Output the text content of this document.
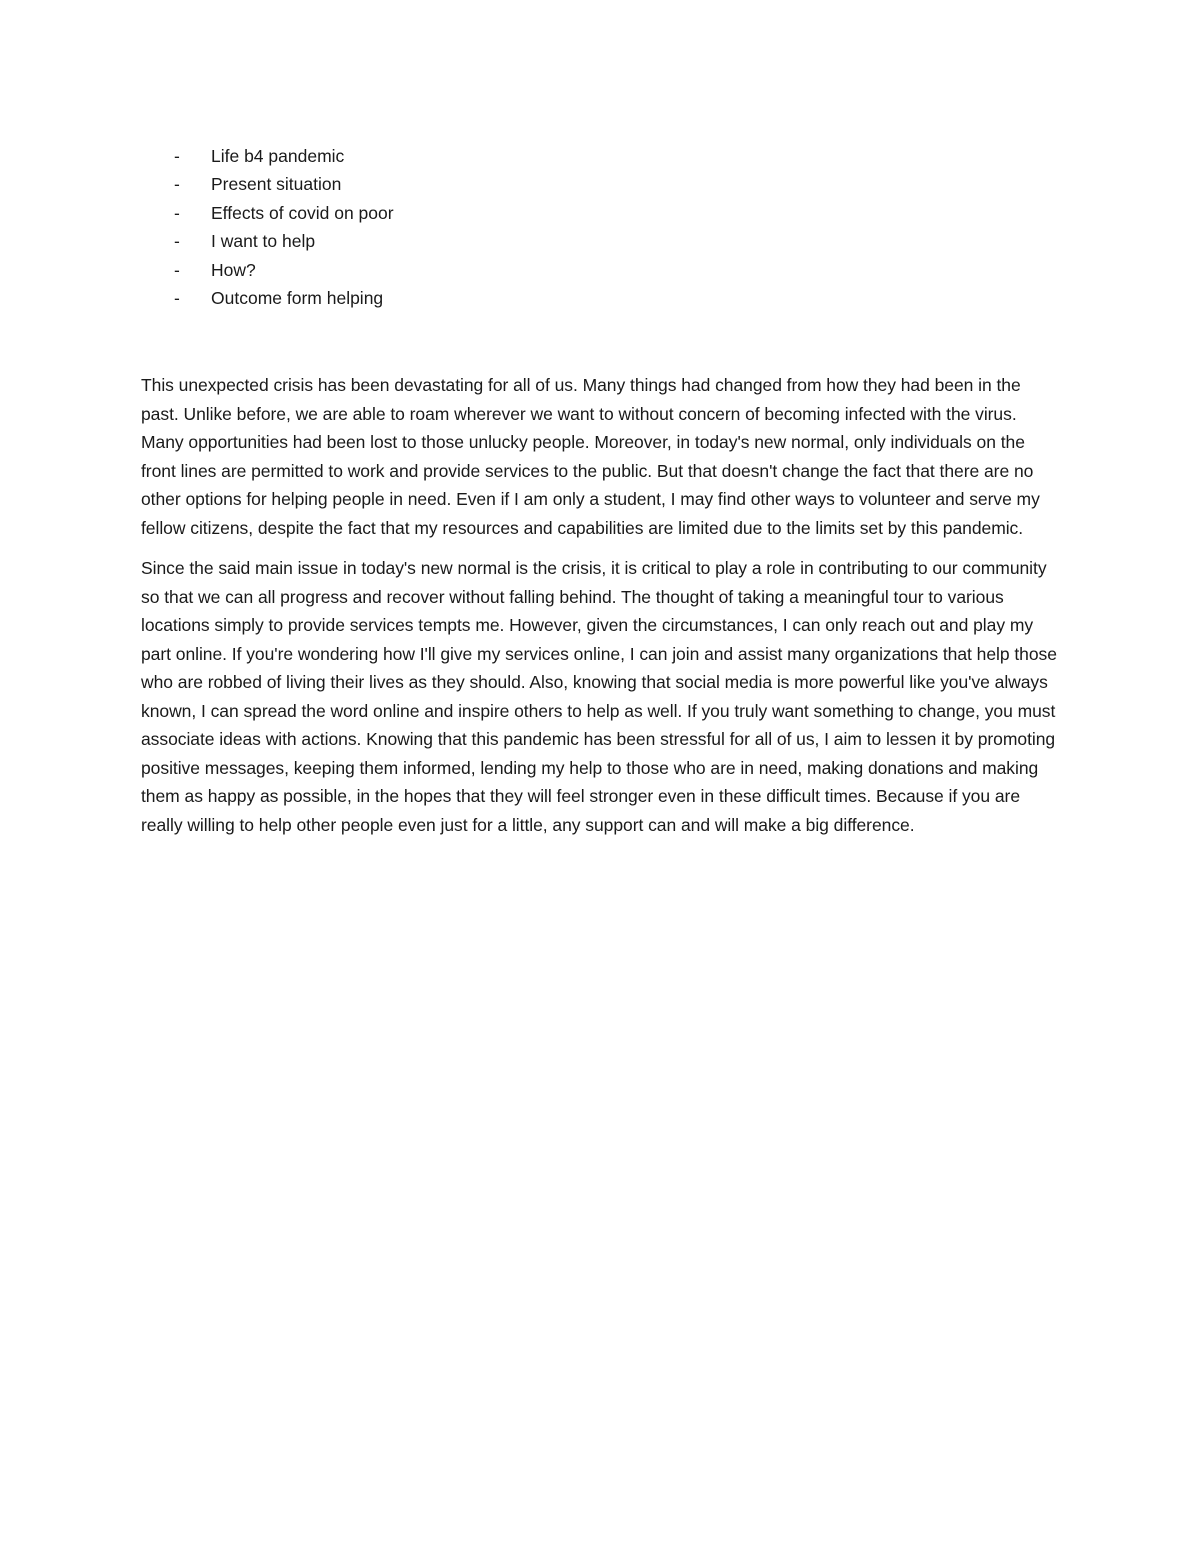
- Life b4 pandemic
- Present situation
- Effects of covid on poor
- I want to help
- How?
- Outcome form helping

This unexpected crisis has been devastating for all of us. Many things had changed from how they had been in the past. Unlike before, we are able to roam wherever we want to without concern of becoming infected with the virus. Many opportunities had been lost to those unlucky people. Moreover, in today's new normal, only individuals on the front lines are permitted to work and provide services to the public. But that doesn't change the fact that there are no other options for helping people in need. Even if I am only a student, I may find other ways to volunteer and serve my fellow citizens, despite the fact that my resources and capabilities are limited due to the limits set by this pandemic.

Since the said main issue in today's new normal is the crisis, it is critical to play a role in contributing to our community so that we can all progress and recover without falling behind. The thought of taking a meaningful tour to various locations simply to provide services tempts me. However, given the circumstances, I can only reach out and play my part online. If you're wondering how I'll give my services online, I can join and assist many organizations that help those who are robbed of living their lives as they should. Also, knowing that social media is more powerful like you've always known, I can spread the word online and inspire others to help as well. If you truly want something to change, you must associate ideas with actions. Knowing that this pandemic has been stressful for all of us, I aim to lessen it by promoting positive messages, keeping them informed, lending my help to those who are in need, making donations and making them as happy as possible, in the hopes that they will feel stronger even in these difficult times. Because if you are really willing to help other people even just for a little, any support can and will make a big difference.
